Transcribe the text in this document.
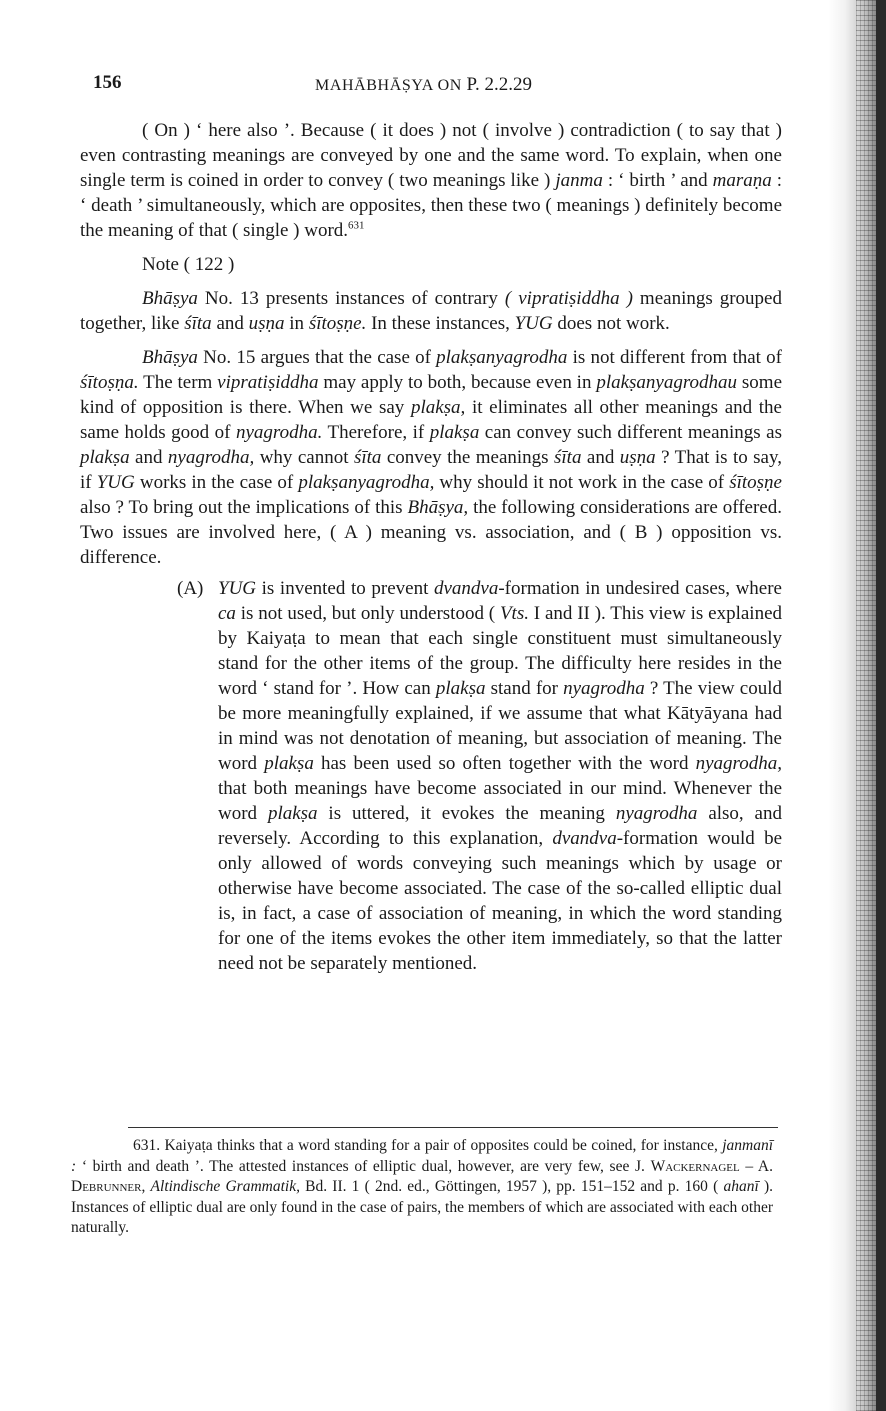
156	MAHĀBHĀṢYA ON P. 2.2.29

( On ) ‘ here also ’. Because ( it does ) not ( involve ) contradiction ( to say that ) even contrasting meanings are conveyed by one and the same word. To explain, when one single term is coined in order to convey ( two meanings like ) janma : ‘ birth ’ and maraṇa : ‘ death ’ simultaneously, which are opposites, then these two ( meanings ) definitely become the meaning of that ( single ) word.$^{631}$

Note ( 122 )

Bhāṣya No. 13 presents instances of contrary ( vipratiṣiddha ) meanings grouped together, like śīta and uṣṇa in śītoṣṇe. In these instances, YUG does not work.

Bhāṣya No. 15 argues that the case of plakṣanyagrodha is not different from that of śītoṣṇa. The term vipratiṣiddha may apply to both, because even in plakṣanyagrodhau some kind of opposition is there. When we say plakṣa, it eliminates all other meanings and the same holds good of nyagrodha. Therefore, if plakṣa can convey such different meanings as plakṣa and nyagrodha, why cannot śīta convey the meanings śīta and uṣṇa ? That is to say, if YUG works in the case of plakṣanyagrodha, why should it not work in the case of śītoṣṇe also ? To bring out the implications of this Bhāṣya, the following considerations are offered. Two issues are involved here, ( A ) meaning vs. association, and ( B ) opposition vs. difference.

(A) YUG is invented to prevent dvandva-formation in undesired cases, where ca is not used, but only understood ( Vts. I and II ). This view is explained by Kaiyaṭa to mean that each single constituent must simultaneously stand for the other items of the group. The difficulty here resides in the word ‘ stand for ’. How can plakṣa stand for nyagrodha ? The view could be more meaningfully explained, if we assume that what Kātyāyana had in mind was not denotation of meaning, but association of meaning. The word plakṣa has been used so often together with the word nyagrodha, that both meanings have become associated in our mind. Whenever the word plakṣa is uttered, it evokes the meaning nyagrodha also, and reversely. According to this explanation, dvandva-formation would be only allowed of words conveying such meanings which by usage or otherwise have become associated. The case of the so-called elliptic dual is, in fact, a case of association of meaning, in which the word standing for one of the items evokes the other item immediately, so that the latter need not be separately mentioned.

631. Kaiyaṭa thinks that a word standing for a pair of opposites could be coined, for instance, janmanī : ‘ birth and death ’. The attested instances of elliptic dual, however, are very few, see J. Wackernagel – A. Debrunner, Altindische Grammatik, Bd. II. 1 ( 2nd. ed., Göttingen, 1957 ), pp. 151–152 and p. 160 ( ahanī ). Instances of elliptic dual are only found in the case of pairs, the members of which are associated with each other naturally.
